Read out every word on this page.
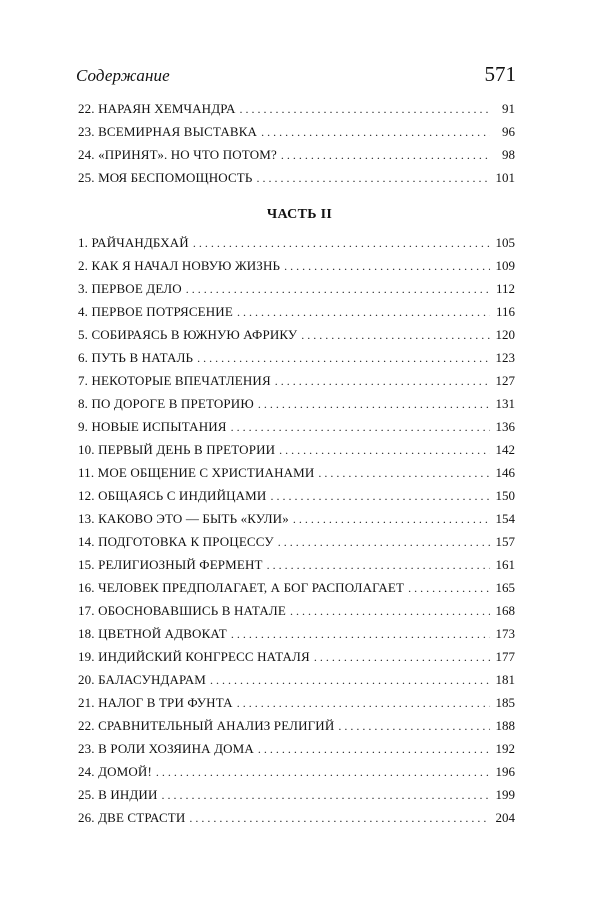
Содержание	571
22. НАРАЯН ХЕМЧАНДРА . . .	91
23. ВСЕМИРНАЯ ВЫСТАВКА . . .	96
24. «ПРИНЯТ». НО ЧТО ПОТОМ? . . .	98
25. МОЯ БЕСПОМОЩНОСТЬ . . .	101
ЧАСТЬ II
1. РАЙЧАНДБХАЙ . . .	105
2. КАК Я НАЧАЛ НОВУЮ ЖИЗНЬ . . .	109
3. ПЕРВОЕ ДЕЛО . . .	112
4. ПЕРВОЕ ПОТРЯСЕНИЕ . . .	116
5. СОБИРАЯСЬ В ЮЖНУЮ АФРИКУ . . .	120
6. ПУТЬ В НАТАЛЬ . . .	123
7. НЕКОТОРЫЕ ВПЕЧАТЛЕНИЯ . . .	127
8. ПО ДОРОГЕ В ПРЕТОРИЮ . . .	131
9. НОВЫЕ ИСПЫТАНИЯ . . .	136
10. ПЕРВЫЙ ДЕНЬ В ПРЕТОРИИ . . .	142
11. МОЕ ОБЩЕНИЕ С ХРИСТИАНАМИ . . .	146
12. ОБЩАЯСЬ С ИНДИЙЦАМИ . . .	150
13. КАКОВО ЭТО — БЫТЬ «КУЛИ» . . .	154
14. ПОДГОТОВКА К ПРОЦЕССУ . . .	157
15. РЕЛИГИОЗНЫЙ ФЕРМЕНТ . . .	161
16. ЧЕЛОВЕК ПРЕДПОЛАГАЕТ, А БОГ РАСПОЛАГАЕТ . . .	165
17. ОБОСНОВАВШИСЬ В НАТАЛЕ . . .	168
18. ЦВЕТНОЙ АДВОКАТ . . .	173
19. ИНДИЙСКИЙ КОНГРЕСС НАТАЛЯ . . .	177
20. БАЛАСУНДАРАМ . . .	181
21. НАЛОГ В ТРИ ФУНТА . . .	185
22. СРАВНИТЕЛЬНЫЙ АНАЛИЗ РЕЛИГИЙ . . .	188
23. В РОЛИ ХОЗЯИНА ДОМА . . .	192
24. ДОМОЙ! . . .	196
25. В ИНДИИ . . .	199
26. ДВЕ СТРАСТИ . . .	204
